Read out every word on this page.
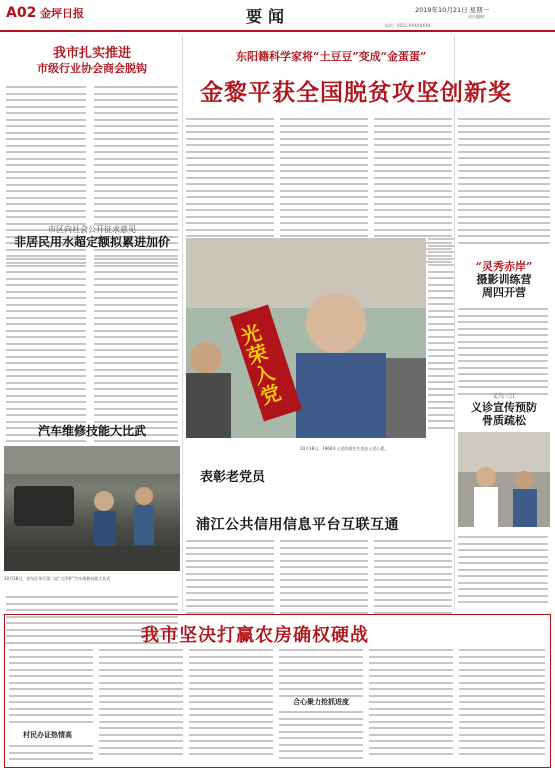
A02 金坪日报	要闻	2019年10月21日 星期一
责任编辑：
电话：0551-XXXXXXXX
我市扎实推进
市级行业协会商会脱钩
市区向社会公开征求意见
非居民用水超定额拟累进加价
汽车维修技能大比武
10月18日，金东区举行第二届“大洋杯”汽车维修技能大比武
东阳籍科学家将“土豆豆”变成“金蛋蛋”
金黎平获全国脱贫攻坚创新奖
光荣入党
10月18日，1966年入党的胡先生表达入党心愿。
表彰老党员
“灵秀赤岸”
摄影训练营
周四开营
义乌三江
义诊宣传预防
骨质疏松
浦江公共信用信息平台互联互通
我市坚决打赢农房确权硬战
村民办证热情高
合心聚力抢抓进度
